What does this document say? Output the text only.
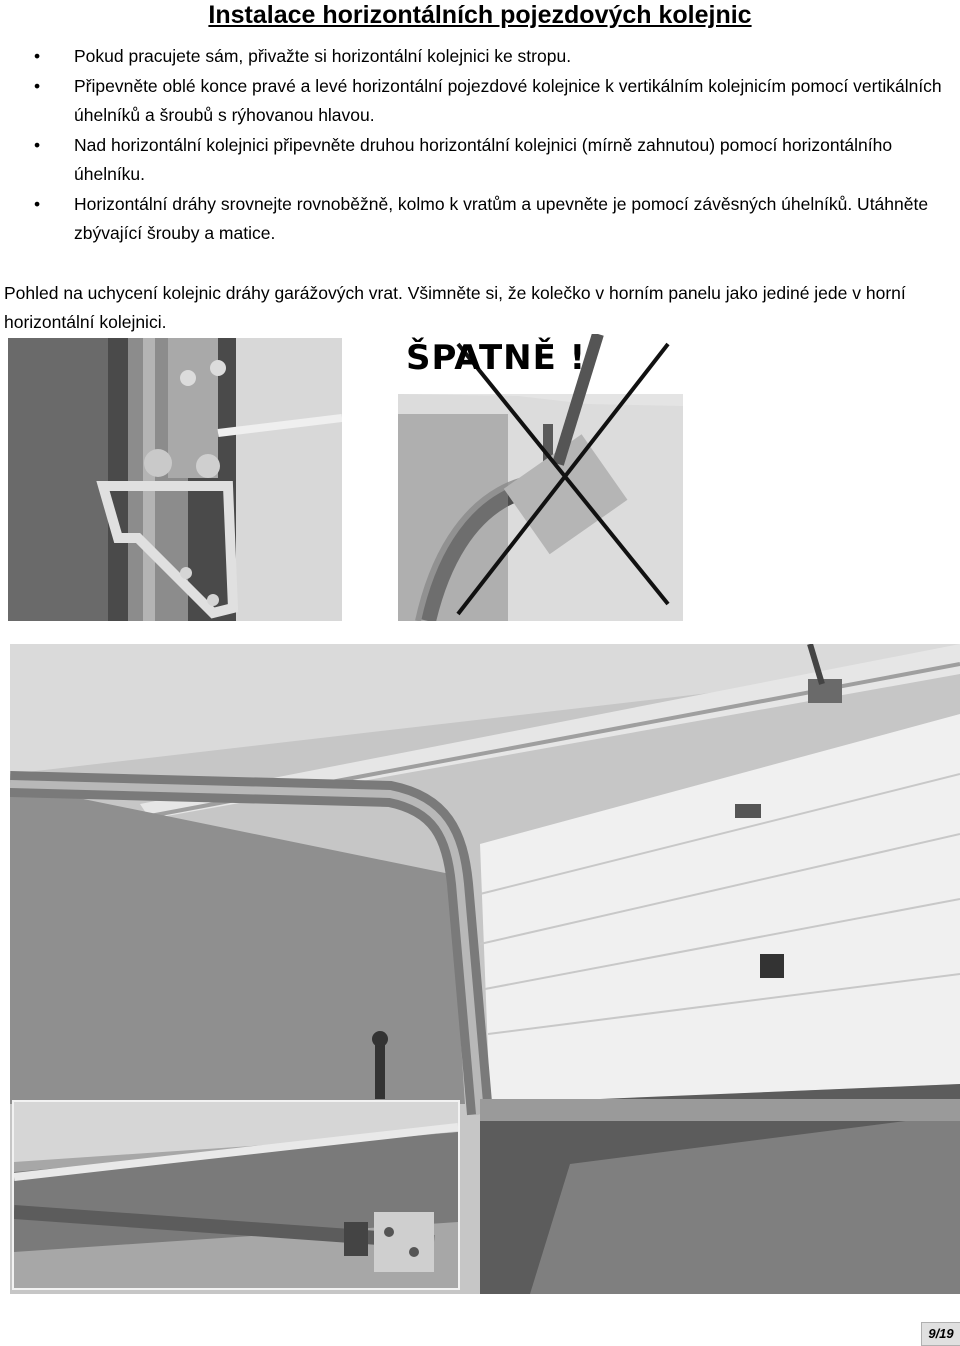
Instalace horizontálních pojezdových kolejnic
• Pokud pracujete sám, přivažte si horizontální kolejnici ke stropu.
• Připevněte oblé konce pravé a levé horizontální pojezdové kolejnice k vertikálním kolejnicím pomocí vertikálních úhelníků a šroubů s rýhovanou hlavou.
• Nad horizontální kolejnici připevněte druhou horizontální kolejnici (mírně zahnutou) pomocí horizontálního úhelníku.
• Horizontální dráhy srovnejte rovnoběžně, kolmo k vratům a upevněte je pomocí závěsných úhelníků. Utáhněte zbývající šrouby a matice.

Pohled na uchycení kolejnic dráhy garážových vrat. Všimněte si, že kolečko v horním panelu jako jediné jede v horní horizontální kolejnici.

ŠPATNĚ !
9/19
